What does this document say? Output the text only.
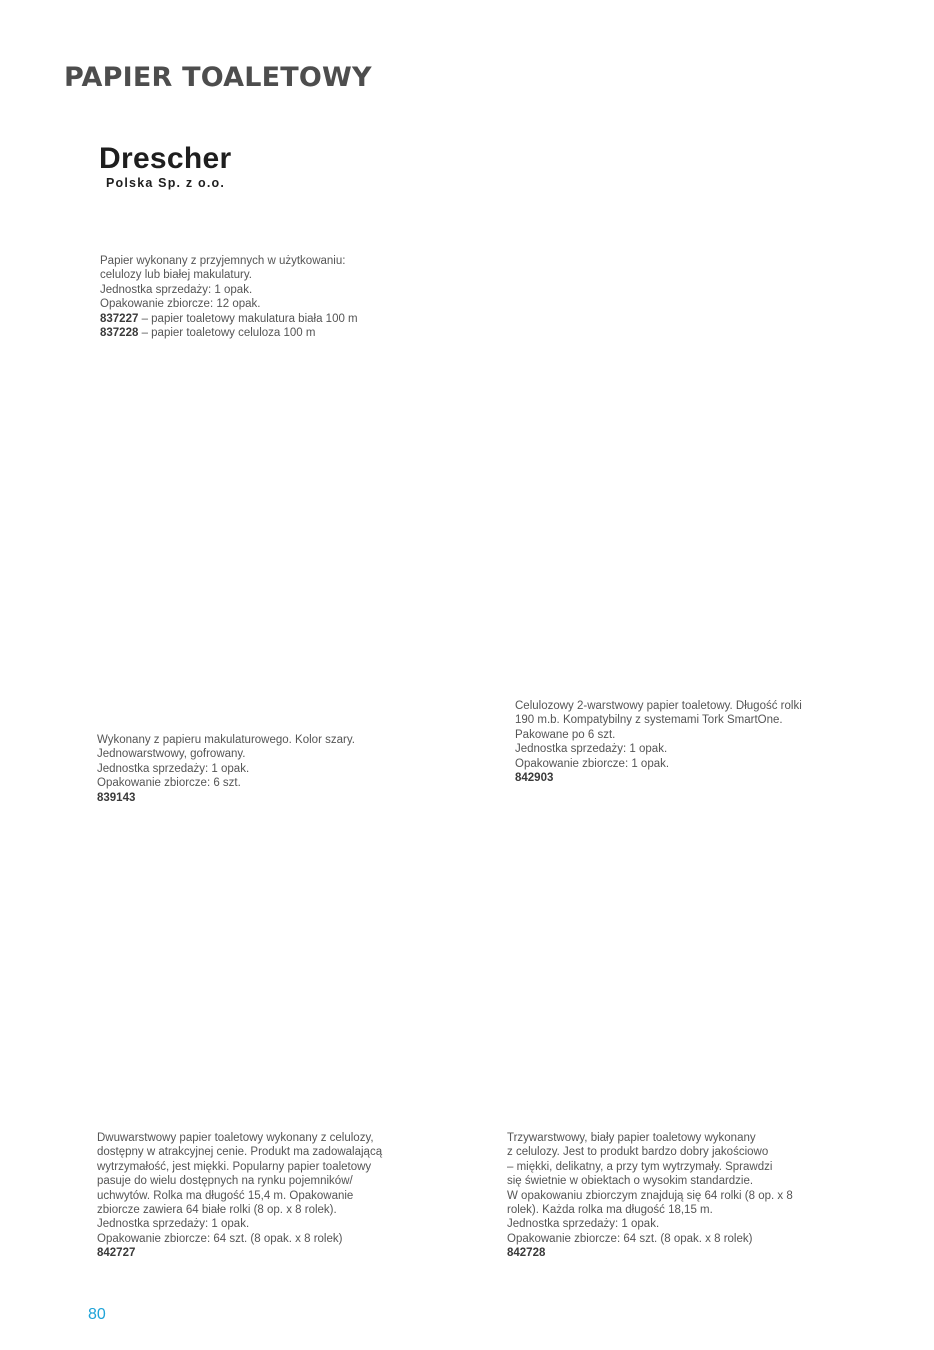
PAPIER TOALETOWY
Drescher
Polska Sp. z o.o.

Papier wykonany z przyjemnych w użytkowaniu:

celulozy lub białej makulatury.

Jednostka sprzedaży: 1 opak.

Opakowanie zbiorcze: 12 opak.

837227 – papier toaletowy makulatura biała 100 m

837228 – papier toaletowy celuloza 100 m

Wykonany z papieru makulaturowego. Kolor szary.

Jednowarstwowy, gofrowany.

Jednostka sprzedaży: 1 opak.

Opakowanie zbiorcze: 6 szt.

839143

Celulozowy 2-warstwowy papier toaletowy. Długość rolki

190 m.b. Kompatybilny z systemami Tork SmartOne.

Pakowane po 6 szt.

Jednostka sprzedaży: 1 opak.

Opakowanie zbiorcze: 1 opak.

842903

Dwuwarstwowy papier toaletowy wykonany z celulozy,

dostępny w atrakcyjnej cenie. Produkt ma zadowalającą

wytrzymałość, jest miękki. Popularny papier toaletowy

pasuje do wielu dostępnych na rynku pojemników/

uchwytów. Rolka ma długość 15,4 m. Opakowanie

zbiorcze zawiera 64 białe rolki (8 op. x 8 rolek).

Jednostka sprzedaży: 1 opak.

Opakowanie zbiorcze: 64 szt. (8 opak. x 8 rolek)

842727

Trzywarstwowy, biały papier toaletowy wykonany

z celulozy. Jest to produkt bardzo dobry jakościowo

– miękki, delikatny, a przy tym wytrzymały. Sprawdzi

się świetnie w obiektach o wysokim standardzie.

W opakowaniu zbiorczym znajdują się 64 rolki (8 op. x 8

rolek). Każda rolka ma długość 18,15 m.

Jednostka sprzedaży: 1 opak.

Opakowanie zbiorcze: 64 szt. (8 opak. x 8 rolek)

842728

80
